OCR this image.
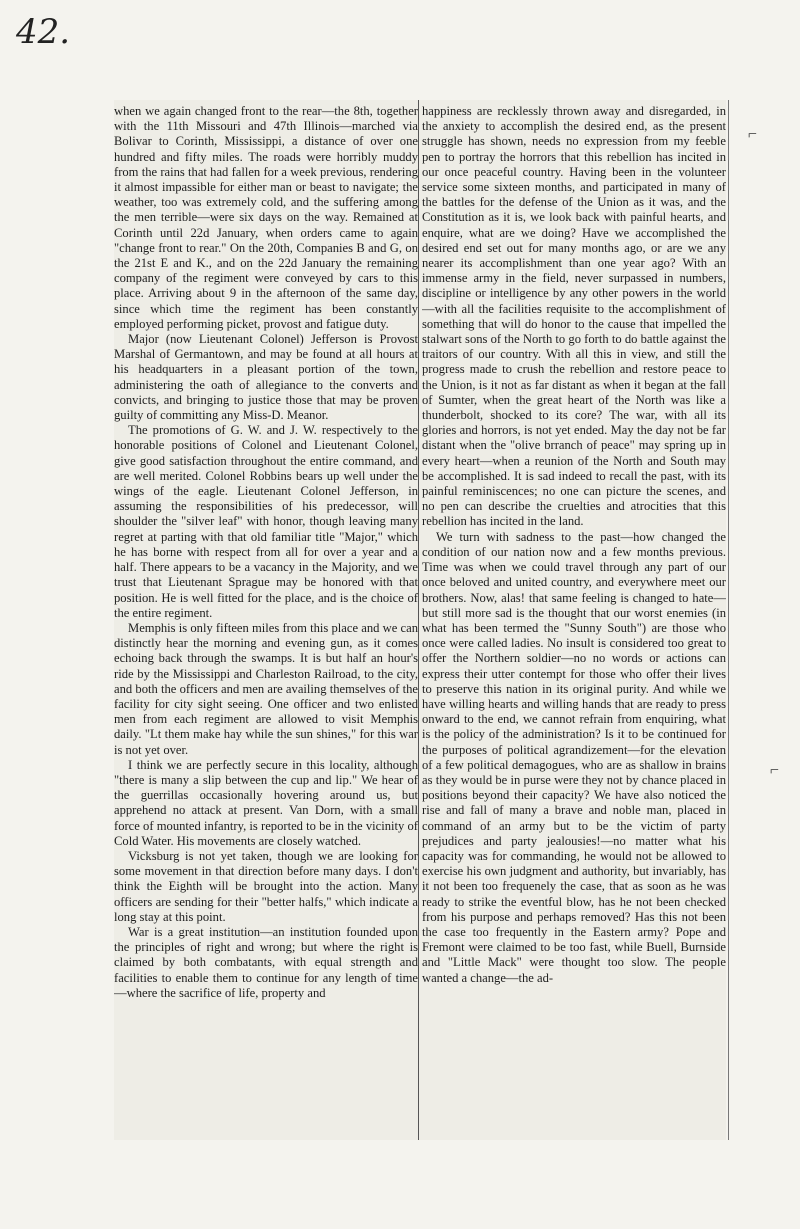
42.

when we again changed front to the rear—the 8th, together with the 11th Missouri and 47th Illinois—marched via Bolivar to Corinth, Mississippi, a distance of over one hundred and fifty miles. The roads were horribly muddy from the rains that had fallen for a week previous, rendering it almost impassible for either man or beast to navigate; the weather, too was extremely cold, and the suffering among the men terrible—were six days on the way. Remained at Corinth until 22d January, when orders came to again "change front to rear." On the 20th, Companies B and G, on the 21st E and K., and on the 22d January the remaining company of the regiment were conveyed by cars to this place. Arriving about 9 in the afternoon of the same day, since which time the regiment has been constantly employed performing picket, provost and fatigue duty.

Major (now Lieutenant Colonel) Jefferson is Provost Marshal of Germantown, and may be found at all hours at his headquarters in a pleasant portion of the town, administering the oath of allegiance to the converts and convicts, and bringing to justice those that may be proven guilty of committing any Miss-D. Meanor.

The promotions of G. W. and J. W. respectively to the honorable positions of Colonel and Lieutenant Colonel, give good satisfaction throughout the entire command, and are well merited. Colonel Robbins bears up well under the wings of the eagle. Lieutenant Colonel Jefferson, in assuming the responsibilities of his predecessor, will shoulder the "silver leaf" with honor, though leaving many regret at parting with that old familiar title "Major," which he has borne with respect from all for over a year and a half. There appears to be a vacancy in the Majority, and we trust that Lieutenant Sprague may be honored with that position. He is well fitted for the place, and is the choice of the entire regiment.

Memphis is only fifteen miles from this place and we can distinctly hear the morning and evening gun, as it comes echoing back through the swamps. It is but half an hour's ride by the Mississippi and Charleston Railroad, to the city, and both the officers and men are availing themselves of the facility for city sight seeing. One officer and two enlisted men from each regiment are allowed to visit Memphis daily. "Lt them make hay while the sun shines," for this war is not yet over.

I think we are perfectly secure in this locality, although "there is many a slip between the cup and lip." We hear of the guerrillas occasionally hovering around us, but apprehend no attack at present. Van Dorn, with a small force of mounted infantry, is reported to be in the vicinity of Cold Water. His movements are closely watched.

Vicksburg is not yet taken, though we are looking for some movement in that direction before many days. I don't think the Eighth will be brought into the action. Many officers are sending for their "better halfs," which indicate a long stay at this point.

War is a great institution—an institution founded upon the principles of right and wrong; but where the right is claimed by both combatants, with equal strength and facilities to enable them to continue for any length of time—where the sacrifice of life, property and

happiness are recklessly thrown away and disregarded, in the anxiety to accomplish the desired end, as the present struggle has shown, needs no expression from my feeble pen to portray the horrors that this rebellion has incited in our once peaceful country. Having been in the volunteer service some sixteen months, and participated in many of the battles for the defense of the Union as it was, and the Constitution as it is, we look back with painful hearts, and enquire, what are we doing? Have we accomplished the desired end set out for many months ago, or are we any nearer its accomplishment than one year ago? With an immense army in the field, never surpassed in numbers, discipline or intelligence by any other powers in the world—with all the facilities requisite to the accomplishment of something that will do honor to the cause that impelled the stalwart sons of the North to go forth to do battle against the traitors of our country. With all this in view, and still the progress made to crush the rebellion and restore peace to the Union, is it not as far distant as when it began at the fall of Sumter, when the great heart of the North was like a thunderbolt, shocked to its core? The war, with all its glories and horrors, is not yet ended. May the day not be far distant when the "olive brranch of peace" may spring up in every heart—when a reunion of the North and South may be accomplished. It is sad indeed to recall the past, with its painful reminiscences; no one can picture the scenes, and no pen can describe the cruelties and atrocities that this rebellion has incited in the land.

We turn with sadness to the past—how changed the condition of our nation now and a few months previous. Time was when we could travel through any part of our once beloved and united country, and everywhere meet our brothers. Now, alas! that same feeling is changed to hate—but still more sad is the thought that our worst enemies (in what has been termed the "Sunny South") are those who once were called ladies. No insult is considered too great to offer the Northern soldier—no no words or actions can express their utter contempt for those who offer their lives to preserve this nation in its original purity. And while we have willing hearts and willing hands that are ready to press onward to the end, we cannot refrain from enquiring, what is the policy of the administration? Is it to be continued for the purposes of political agrandizement—for the elevation of a few political demagogues, who are as shallow in brains as they would be in purse were they not by chance placed in positions beyond their capacity? We have also noticed the rise and fall of many a brave and noble man, placed in command of an army but to be the victim of party prejudices and party jealousies!—no matter what his capacity was for commanding, he would not be allowed to exercise his own judgment and authority, but invariably, has it not been too frequenely the case, that as soon as he was ready to strike the eventful blow, has he not been checked from his purpose and perhaps removed? Has this not been the case too frequently in the Eastern army? Pope and Fremont were claimed to be too fast, while Buell, Burnside and "Little Mack" were thought too slow. The people wanted a change—the ad-

⌐
⌐
